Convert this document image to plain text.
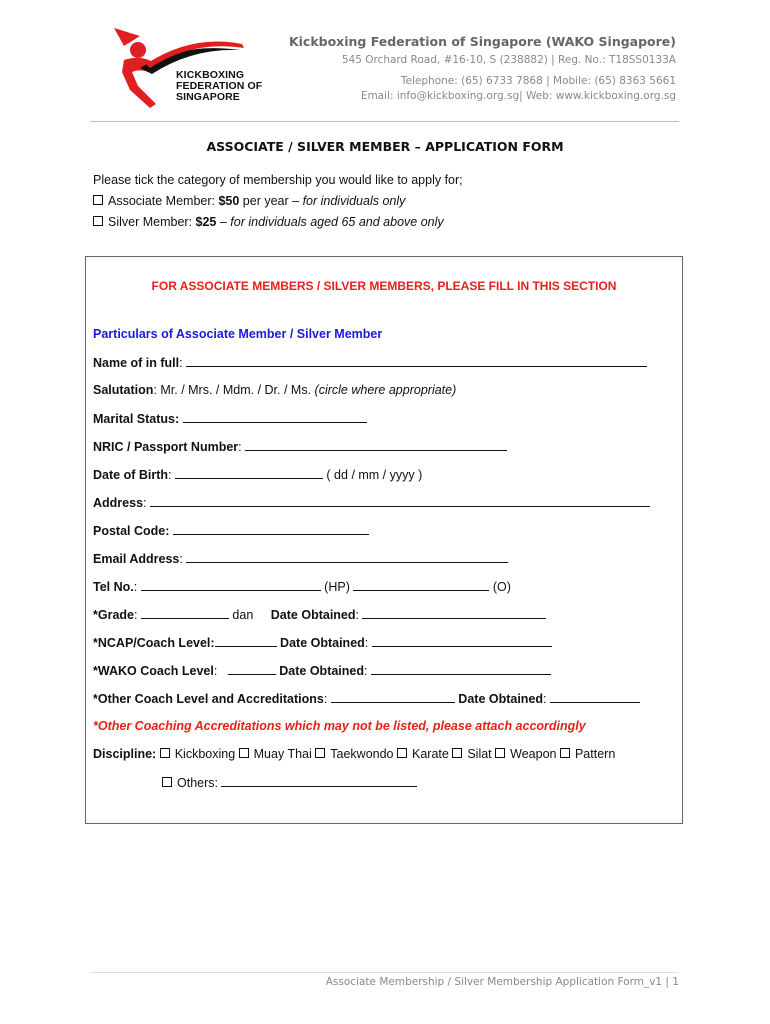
KICKBOXING
FEDERATION OF
SINGAPORE
Kickboxing Federation of Singapore (WAKO Singapore)
545 Orchard Road, #16-10, S (238882) | Reg. No.: T18SS0133A
Telephone: (65) 6733 7868 | Mobile: (65) 8363 5661
Email: info@kickboxing.org.sg| Web: www.kickboxing.org.sg
ASSOCIATE / SILVER MEMBER – APPLICATION FORM
Please tick the category of membership you would like to apply for;
Associate Member: $50 per year – for individuals only
Silver Member: $25 – for individuals aged 65 and above only
FOR ASSOCIATE MEMBERS / SILVER MEMBERS, PLEASE FILL IN THIS SECTION
Particulars of Associate Member / Silver Member
Name of in full:
Salutation: Mr. / Mrs. / Mdm. / Dr. / Ms. (circle where appropriate)
Marital Status:
NRIC / Passport Number:
Date of Birth:	( dd / mm / yyyy )
Address:
Postal Code:
Email Address:
Tel No.:	(HP)	(O)
*Grade:	dan Date Obtained:
*NCAP/Coach Level:	Date Obtained:
*WAKO Coach Level:	Date Obtained:
*Other Coach Level and Accreditations:	Date Obtained:
*Other Coaching Accreditations which may not be listed, please attach accordingly
Discipline: Kickboxing Muay Thai Taekwondo Karate Silat Weapon Pattern
Others:
Associate Membership / Silver Membership Application Form_v1 | 1
